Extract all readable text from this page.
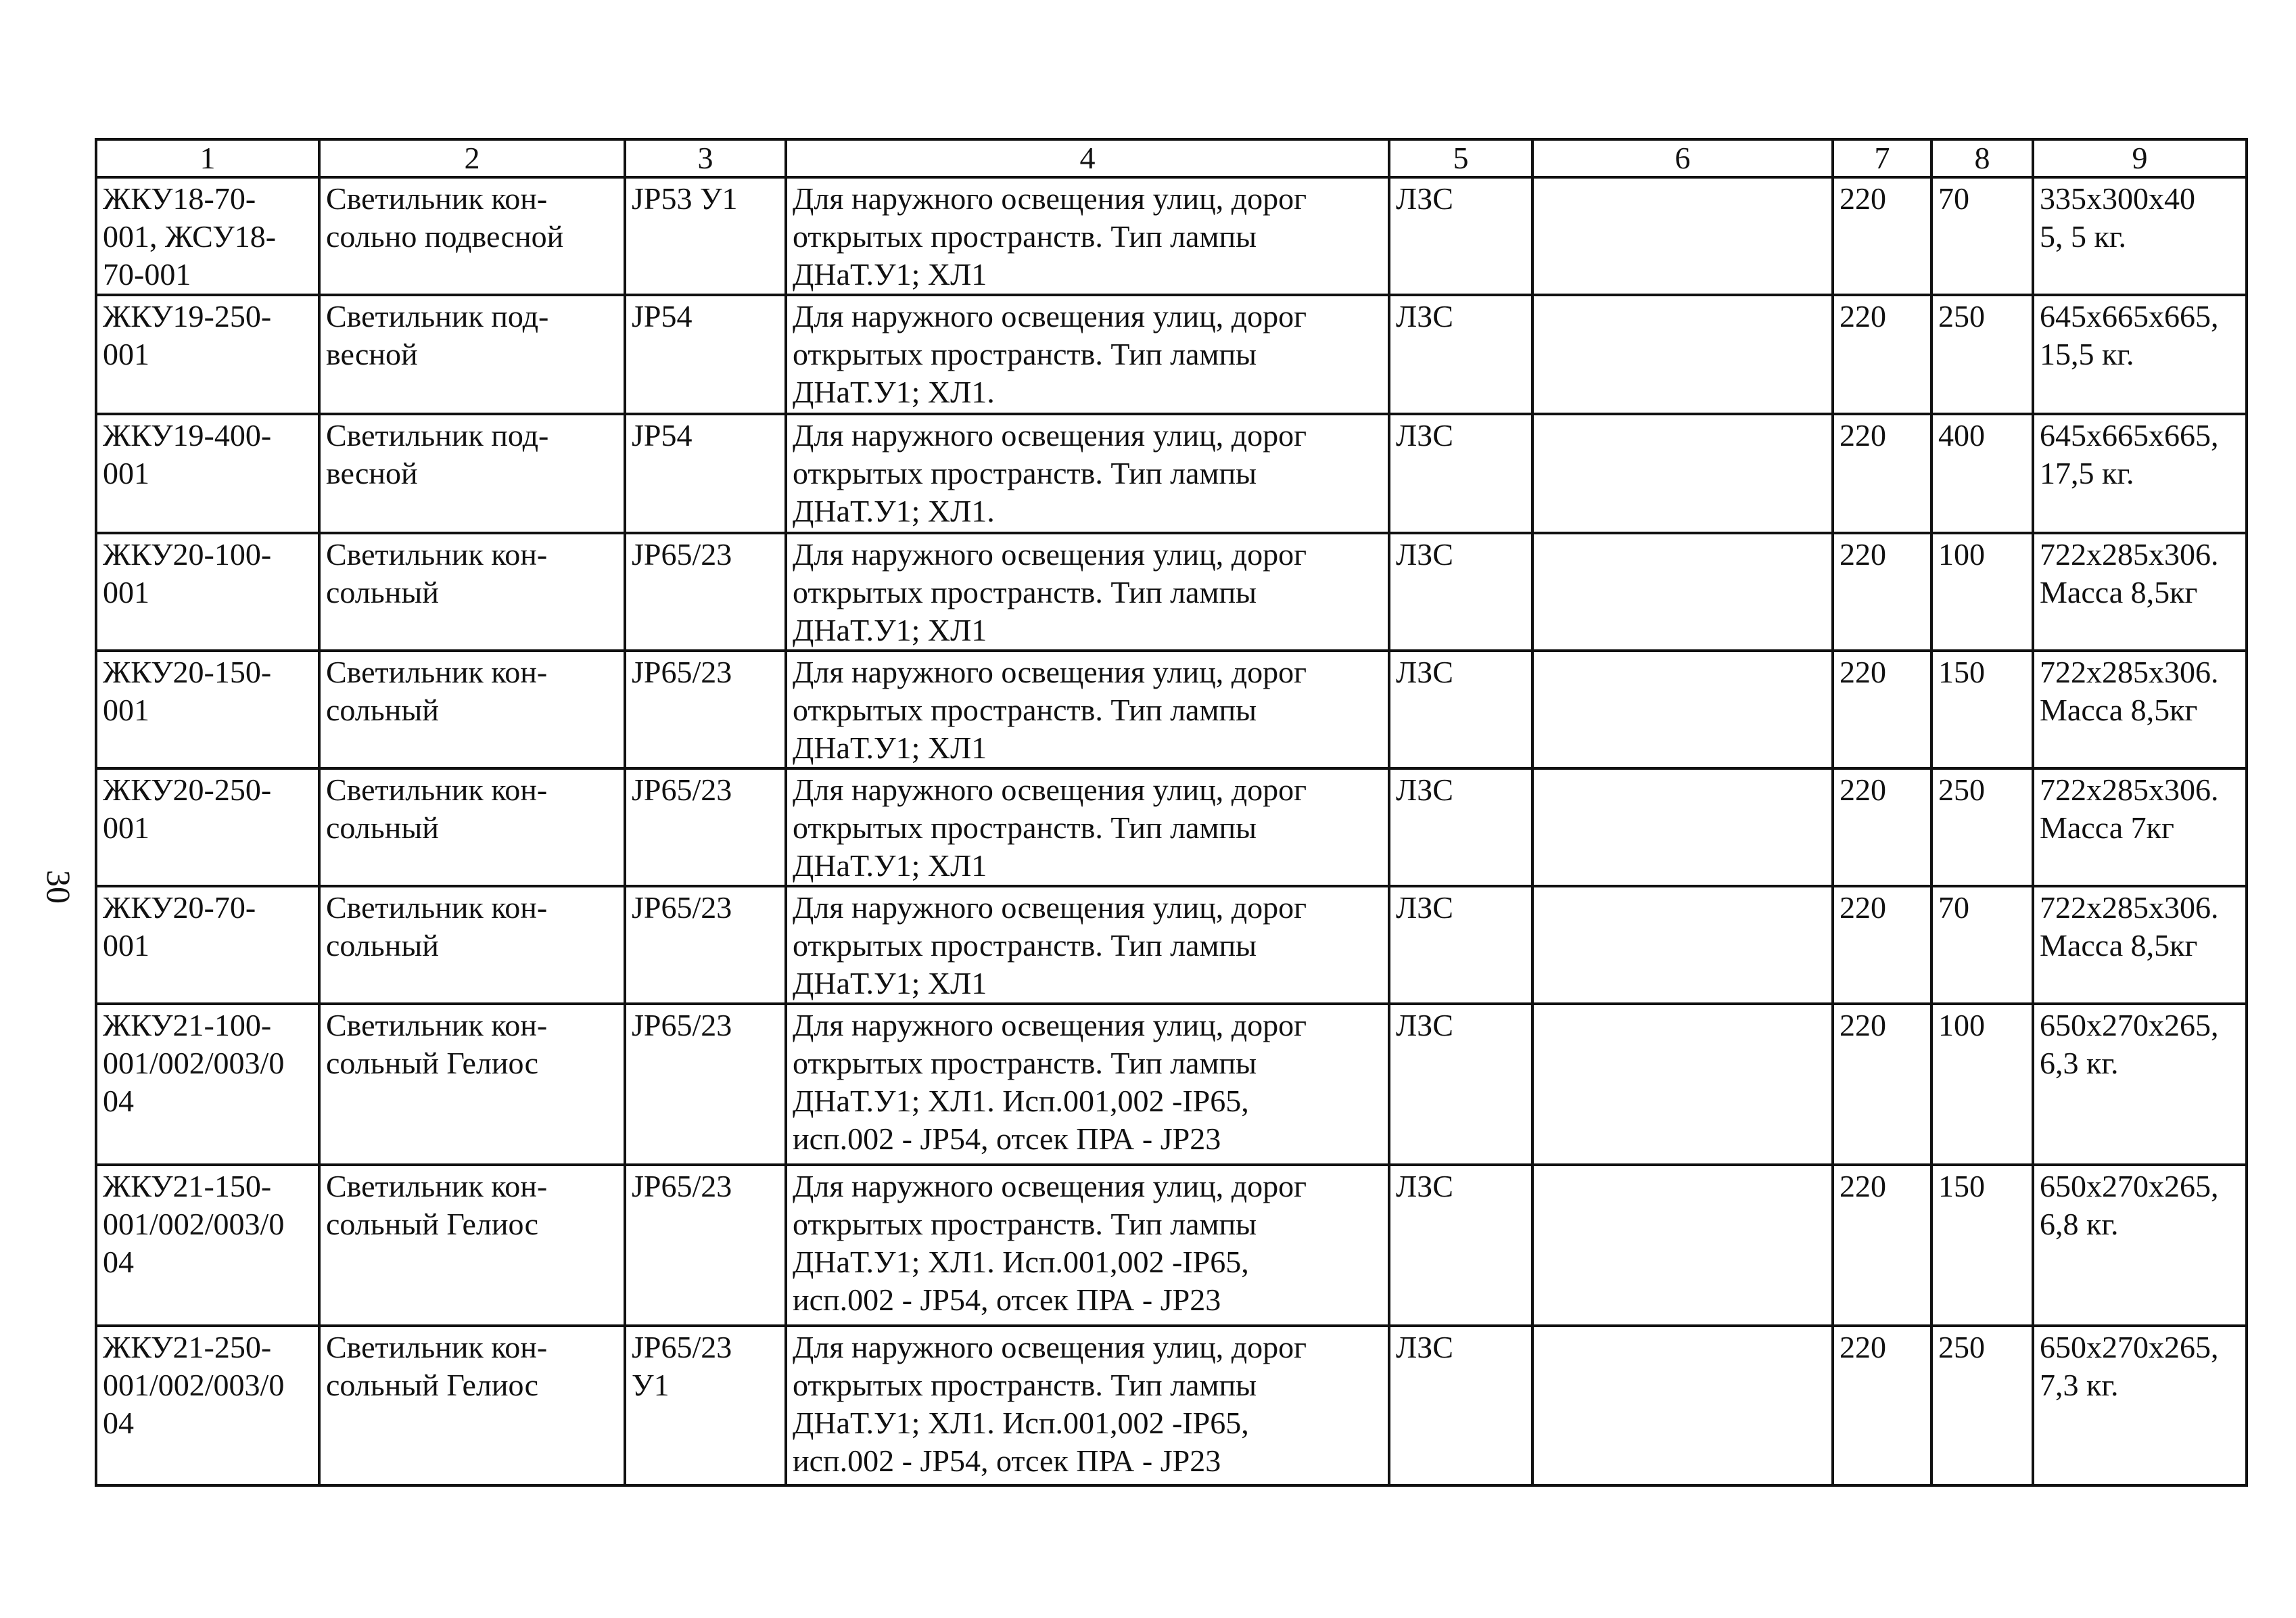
30
1	2	3	4	5	6	7	8	9
ЖКУ18-70-
001, ЖСУ18-
70-001	Светильник кон-
сольно подвесной	JP53 У1	Для наружного освещения улиц, дорог
открытых пространств. Тип лампы
ДНаТ.У1; ХЛ1	ЛЗС		220	70	335x300x40
5, 5 кг.
ЖКУ19-250-
001	Светильник под-
весной	JP54	Для наружного освещения улиц, дорог
открытых пространств. Тип лампы
ДНаТ.У1; ХЛ1.	ЛЗС		220	250	645x665x665,
15,5 кг.
ЖКУ19-400-
001	Светильник под-
весной	JP54	Для наружного освещения улиц, дорог
открытых пространств. Тип лампы
ДНаТ.У1; ХЛ1.	ЛЗС		220	400	645x665x665,
17,5 кг.
ЖКУ20-100-
001	Светильник кон-
сольный	JP65/23	Для наружного освещения улиц, дорог
открытых пространств. Тип лампы
ДНаТ.У1; ХЛ1	ЛЗС		220	100	722x285x306.
Масса 8,5кг
ЖКУ20-150-
001	Светильник кон-
сольный	JP65/23	Для наружного освещения улиц, дорог
открытых пространств. Тип лампы
ДНаТ.У1; ХЛ1	ЛЗС		220	150	722x285x306.
Масса 8,5кг
ЖКУ20-250-
001	Светильник кон-
сольный	JP65/23	Для наружного освещения улиц, дорог
открытых пространств. Тип лампы
ДНаТ.У1; ХЛ1	ЛЗС		220	250	722x285x306.
Масса 7кг
ЖКУ20-70-
001	Светильник кон-
сольный	JP65/23	Для наружного освещения улиц, дорог
открытых пространств. Тип лампы
ДНаТ.У1; ХЛ1	ЛЗС		220	70	722x285x306.
Масса 8,5кг
ЖКУ21-100-
001/002/003/0
04	Светильник кон-
сольный Гелиос	JP65/23	Для наружного освещения улиц, дорог
открытых пространств. Тип лампы
ДНаТ.У1; ХЛ1. Исп.001,002 -IP65,
исп.002 - JP54, отсек ПРА - JP23	ЛЗС		220	100	650x270x265,
6,3 кг.
ЖКУ21-150-
001/002/003/0
04	Светильник кон-
сольный Гелиос	JP65/23	Для наружного освещения улиц, дорог
открытых пространств. Тип лампы
ДНаТ.У1; ХЛ1. Исп.001,002 -IP65,
исп.002 - JP54, отсек ПРА - JP23	ЛЗС		220	150	650x270x265,
6,8 кг.
ЖКУ21-250-
001/002/003/0
04	Светильник кон-
сольный Гелиос	JP65/23
У1	Для наружного освещения улиц, дорог
открытых пространств. Тип лампы
ДНаТ.У1; ХЛ1. Исп.001,002 -IP65,
исп.002 - JP54, отсек ПРА - JP23	ЛЗС		220	250	650x270x265,
7,3 кг.
